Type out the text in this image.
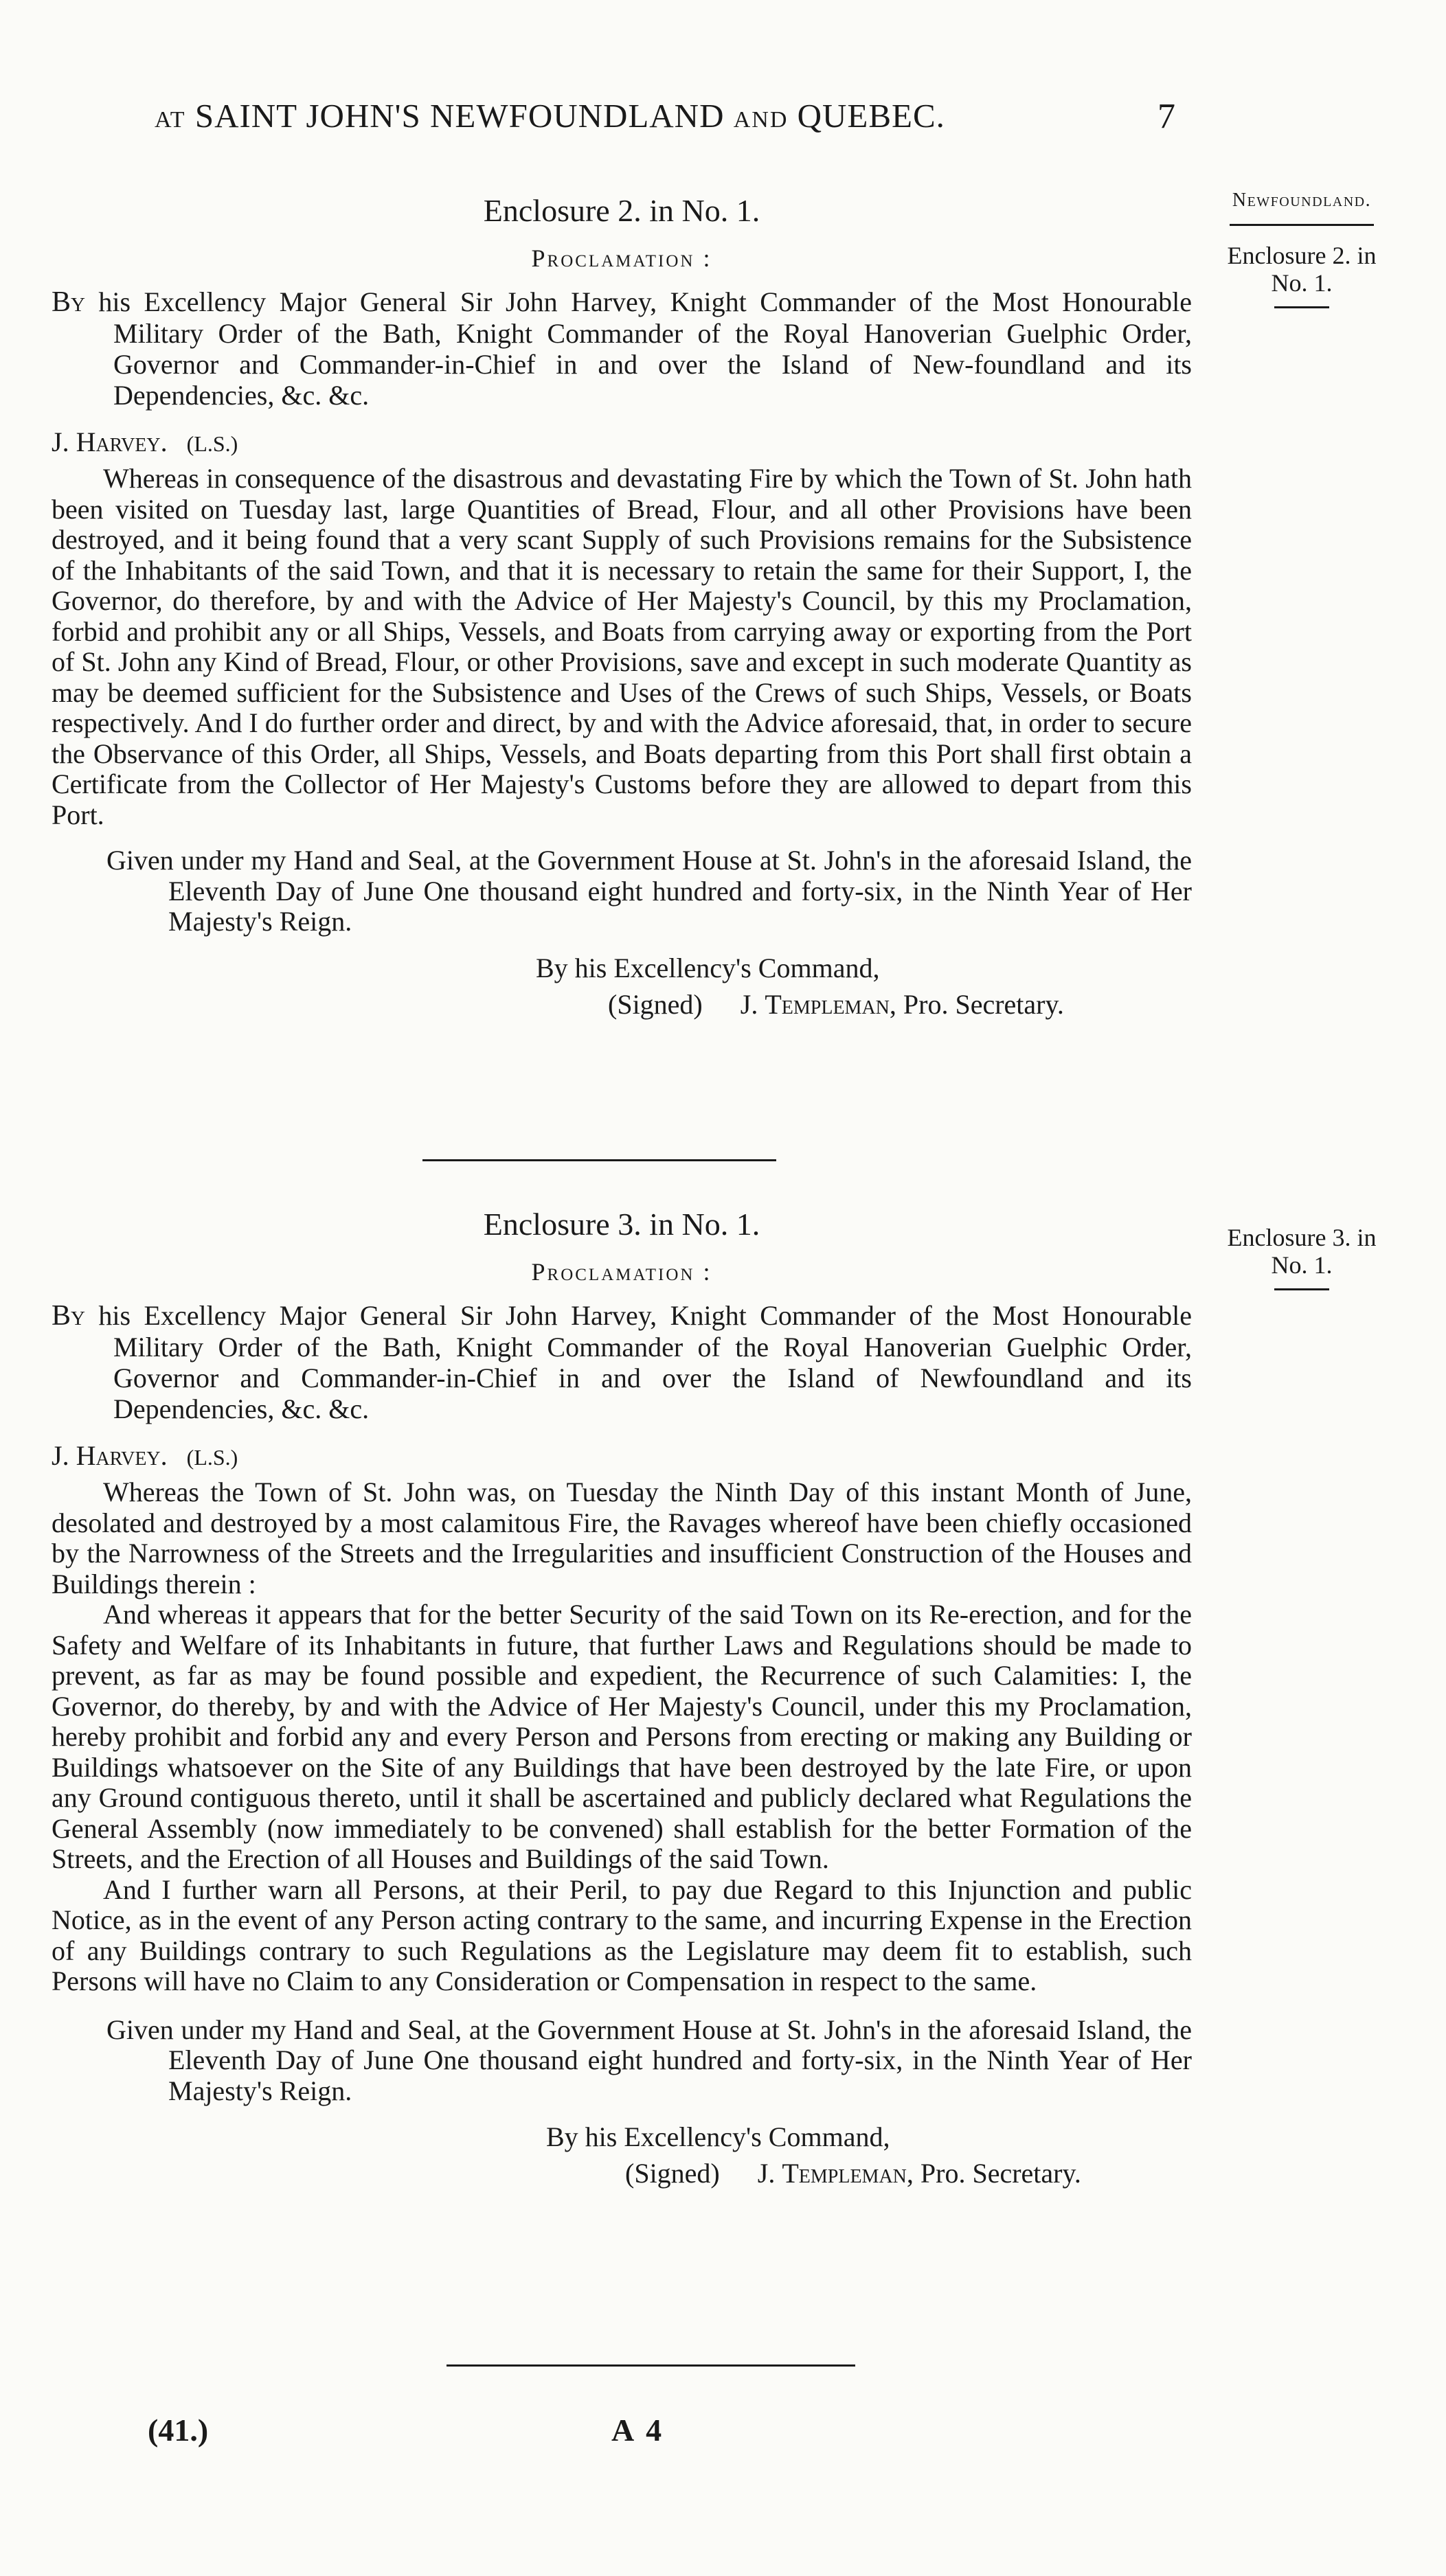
AT SAINT JOHN'S NEWFOUNDLAND AND QUEBEC.	7
Newfoundland.
Enclosure 2. in
No. 1.
Enclosure 3. in
No. 1.
Enclosure 2. in No. 1.
Proclamation :

By his Excellency Major General Sir John Harvey, Knight Commander of the Most Honourable Military Order of the Bath, Knight Commander of the Royal Hanoverian Guelphic Order, Governor and Commander-in-Chief in and over the Island of New-foundland and its Dependencies, &c. &c.

J. Harvey. (L.S.)

Whereas in consequence of the disastrous and devastating Fire by which the Town of St. John hath been visited on Tuesday last, large Quantities of Bread, Flour, and all other Provisions have been destroyed, and it being found that a very scant Supply of such Provisions remains for the Subsistence of the Inhabitants of the said Town, and that it is necessary to retain the same for their Support, I, the Governor, do therefore, by and with the Advice of Her Majesty's Council, by this my Proclamation, forbid and prohibit any or all Ships, Vessels, and Boats from carrying away or exporting from the Port of St. John any Kind of Bread, Flour, or other Provisions, save and except in such moderate Quantity as may be deemed sufficient for the Subsistence and Uses of the Crews of such Ships, Vessels, or Boats respectively. And I do further order and direct, by and with the Advice aforesaid, that, in order to secure the Observance of this Order, all Ships, Vessels, and Boats departing from this Port shall first obtain a Certificate from the Collector of Her Majesty's Customs before they are allowed to depart from this Port.

Given under my Hand and Seal, at the Government House at St. John's in the aforesaid Island, the Eleventh Day of June One thousand eight hundred and forty-six, in the Ninth Year of Her Majesty's Reign.

By his Excellency's Command,
(Signed) J. Templeman, Pro. Secretary.
Enclosure 3. in No. 1.
Proclamation :

By his Excellency Major General Sir John Harvey, Knight Commander of the Most Honourable Military Order of the Bath, Knight Commander of the Royal Hanoverian Guelphic Order, Governor and Commander-in-Chief in and over the Island of Newfoundland and its Dependencies, &c. &c.

J. Harvey. (L.S.)

Whereas the Town of St. John was, on Tuesday the Ninth Day of this instant Month of June, desolated and destroyed by a most calamitous Fire, the Ravages whereof have been chiefly occasioned by the Narrowness of the Streets and the Irregularities and insufficient Construction of the Houses and Buildings therein :

And whereas it appears that for the better Security of the said Town on its Re-erection, and for the Safety and Welfare of its Inhabitants in future, that further Laws and Regulations should be made to prevent, as far as may be found possible and expedient, the Recurrence of such Calamities: I, the Governor, do thereby, by and with the Advice of Her Majesty's Council, under this my Proclamation, hereby prohibit and forbid any and every Person and Persons from erecting or making any Building or Buildings whatsoever on the Site of any Buildings that have been destroyed by the late Fire, or upon any Ground contiguous thereto, until it shall be ascertained and publicly declared what Regulations the General Assembly (now immediately to be convened) shall establish for the better Formation of the Streets, and the Erection of all Houses and Buildings of the said Town.

And I further warn all Persons, at their Peril, to pay due Regard to this Injunction and public Notice, as in the event of any Person acting contrary to the same, and incurring Expense in the Erection of any Buildings contrary to such Regulations as the Legislature may deem fit to establish, such Persons will have no Claim to any Consideration or Compensation in respect to the same.

Given under my Hand and Seal, at the Government House at St. John's in the aforesaid Island, the Eleventh Day of June One thousand eight hundred and forty-six, in the Ninth Year of Her Majesty's Reign.

By his Excellency's Command,
(Signed) J. Templeman, Pro. Secretary.
(41.)	A 4
